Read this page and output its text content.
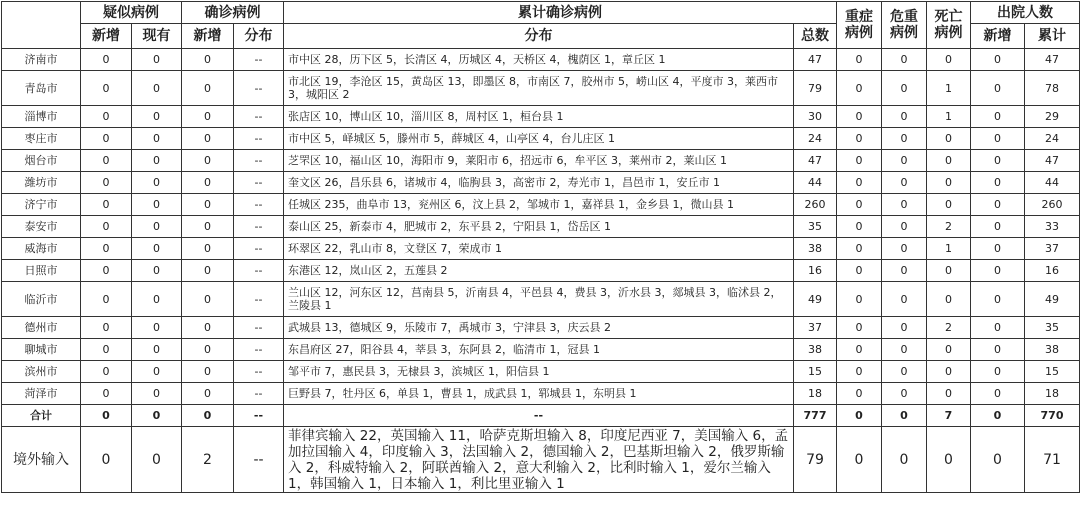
	疑似病例		确诊病例		累计确诊病例		重症病例	危重病例	死亡病例	出院人数	
	新增	现有	新增	分布	分布	总数				新增	累计
济南市	0	0	0	--	市中区 28，历下区 5，长清区 4，历城区 4，天桥区 4，槐荫区 1，章丘区 1	47	0	0	0	0	47
青岛市	0	0	0	--	市北区 19，李沧区 15，黄岛区 13，即墨区 8，市南区 7，胶州市 5，崂山区 4，平度市 3，莱西市 3，城阳区 2	79	0	0	1	0	78
淄博市	0	0	0	--	张店区 10，博山区 10，淄川区 8，周村区 1，桓台县 1	30	0	0	1	0	29
枣庄市	0	0	0	--	市中区 5，峄城区 5，滕州市 5，薛城区 4，山亭区 4，台儿庄区 1	24	0	0	0	0	24
烟台市	0	0	0	--	芝罘区 10，福山区 10，海阳市 9，莱阳市 6，招远市 6，牟平区 3，莱州市 2，莱山区 1	47	0	0	0	0	47
潍坊市	0	0	0	--	奎文区 26，昌乐县 6，诸城市 4，临朐县 3，高密市 2，寿光市 1，昌邑市 1，安丘市 1	44	0	0	0	0	44
济宁市	0	0	0	--	任城区 235，曲阜市 13，兖州区 6，汶上县 2，邹城市 1，嘉祥县 1，金乡县 1，微山县 1	260	0	0	0	0	260
泰安市	0	0	0	--	泰山区 25，新泰市 4，肥城市 2，东平县 2，宁阳县 1，岱岳区 1	35	0	0	2	0	33
威海市	0	0	0	--	环翠区 22，乳山市 8，文登区 7，荣成市 1	38	0	0	1	0	37
日照市	0	0	0	--	东港区 12，岚山区 2，五莲县 2	16	0	0	0	0	16
临沂市	0	0	0	--	兰山区 12，河东区 12，莒南县 5，沂南县 4，平邑县 4，费县 3，沂水县 3，郯城县 3，临沭县 2，兰陵县 1	49	0	0	0	0	49
德州市	0	0	0	--	武城县 13，德城区 9，乐陵市 7，禹城市 3，宁津县 3，庆云县 2	37	0	0	2	0	35
聊城市	0	0	0	--	东昌府区 27，阳谷县 4，莘县 3，东阿县 2，临清市 1，冠县 1	38	0	0	0	0	38
滨州市	0	0	0	--	邹平市 7，惠民县 3，无棣县 3，滨城区 1，阳信县 1	15	0	0	0	0	15
菏泽市	0	0	0	--	巨野县 7，牡丹区 6，单县 1，曹县 1，成武县 1，郓城县 1，东明县 1	18	0	0	0	0	18
合计	0	0	0	--	--	777	0	0	7	0	770
境外输入	0	0	2	--	菲律宾输入 22，英国输入 11，哈萨克斯坦输入 8，印度尼西亚 7，美国输入 6，孟加拉国输入 4，印度输入 3，法国输入 2，德国输入 2，巴基斯坦输入 2，俄罗斯输入 2，科威特输入 2，阿联酋输入 2，意大利输入 2，比利时输入 1，爱尔兰输入 1，韩国输入 1，日本输入 1，利比里亚输入 1	79	0	0	0	0	71
